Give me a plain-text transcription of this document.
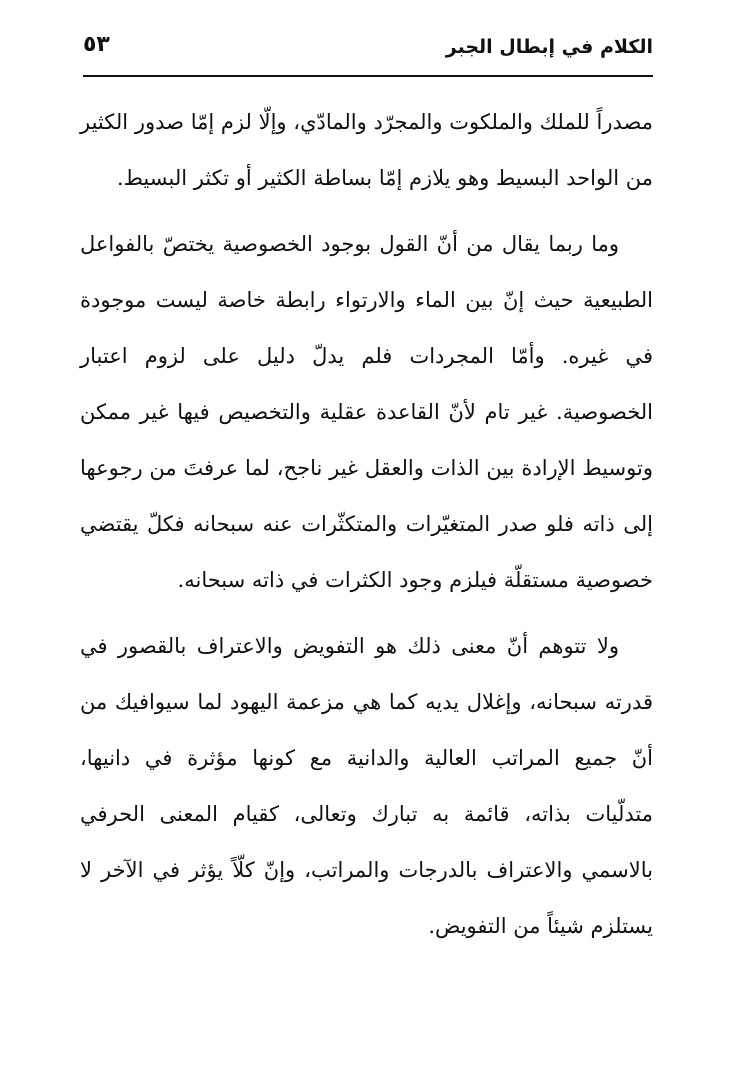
الكلام في إبطال الجبر
٥٣

مصدراً للملك والملكوت والمجرّد والمادّي، وإلّا لزم إمّا صدور الكثير من الواحد البسيط وهو يلازم إمّا بساطة الكثير أو تكثر البسيط.

وما ربما يقال من أنّ القول بوجود الخصوصية يختصّ بالفواعل الطبيعية حيث إنّ بين الماء والارتواء رابطة خاصة ليست موجودة في غيره. وأمّا المجردات فلم يدلّ دليل على لزوم اعتبار الخصوصية. غير تام لأنّ القاعدة عقلية والتخصيص فيها غير ممكن وتوسيط الإرادة بين الذات والعقل غير ناجح، لما عرفتَ من رجوعها إلى ذاته فلو صدر المتغيّرات والمتكثّرات عنه سبحانه فكلّ يقتضي خصوصية مستقلّة فيلزم وجود الكثرات في ذاته سبحانه.

ولا تتوهم أنّ معنى ذلك هو التفويض والاعتراف بالقصور في قدرته سبحانه، وإغلال يديه كما هي مزعمة اليهود لما سيوافيك من أنّ جميع المراتب العالية والدانية مع كونها مؤثرة في دانيها، متدلّيات بذاته، قائمة به تبارك وتعالى، كقيام المعنى الحرفي بالاسمي والاعتراف بالدرجات والمراتب، وإنّ كلّاً يؤثر في الآخر لا يستلزم شيئاً من التفويض.
